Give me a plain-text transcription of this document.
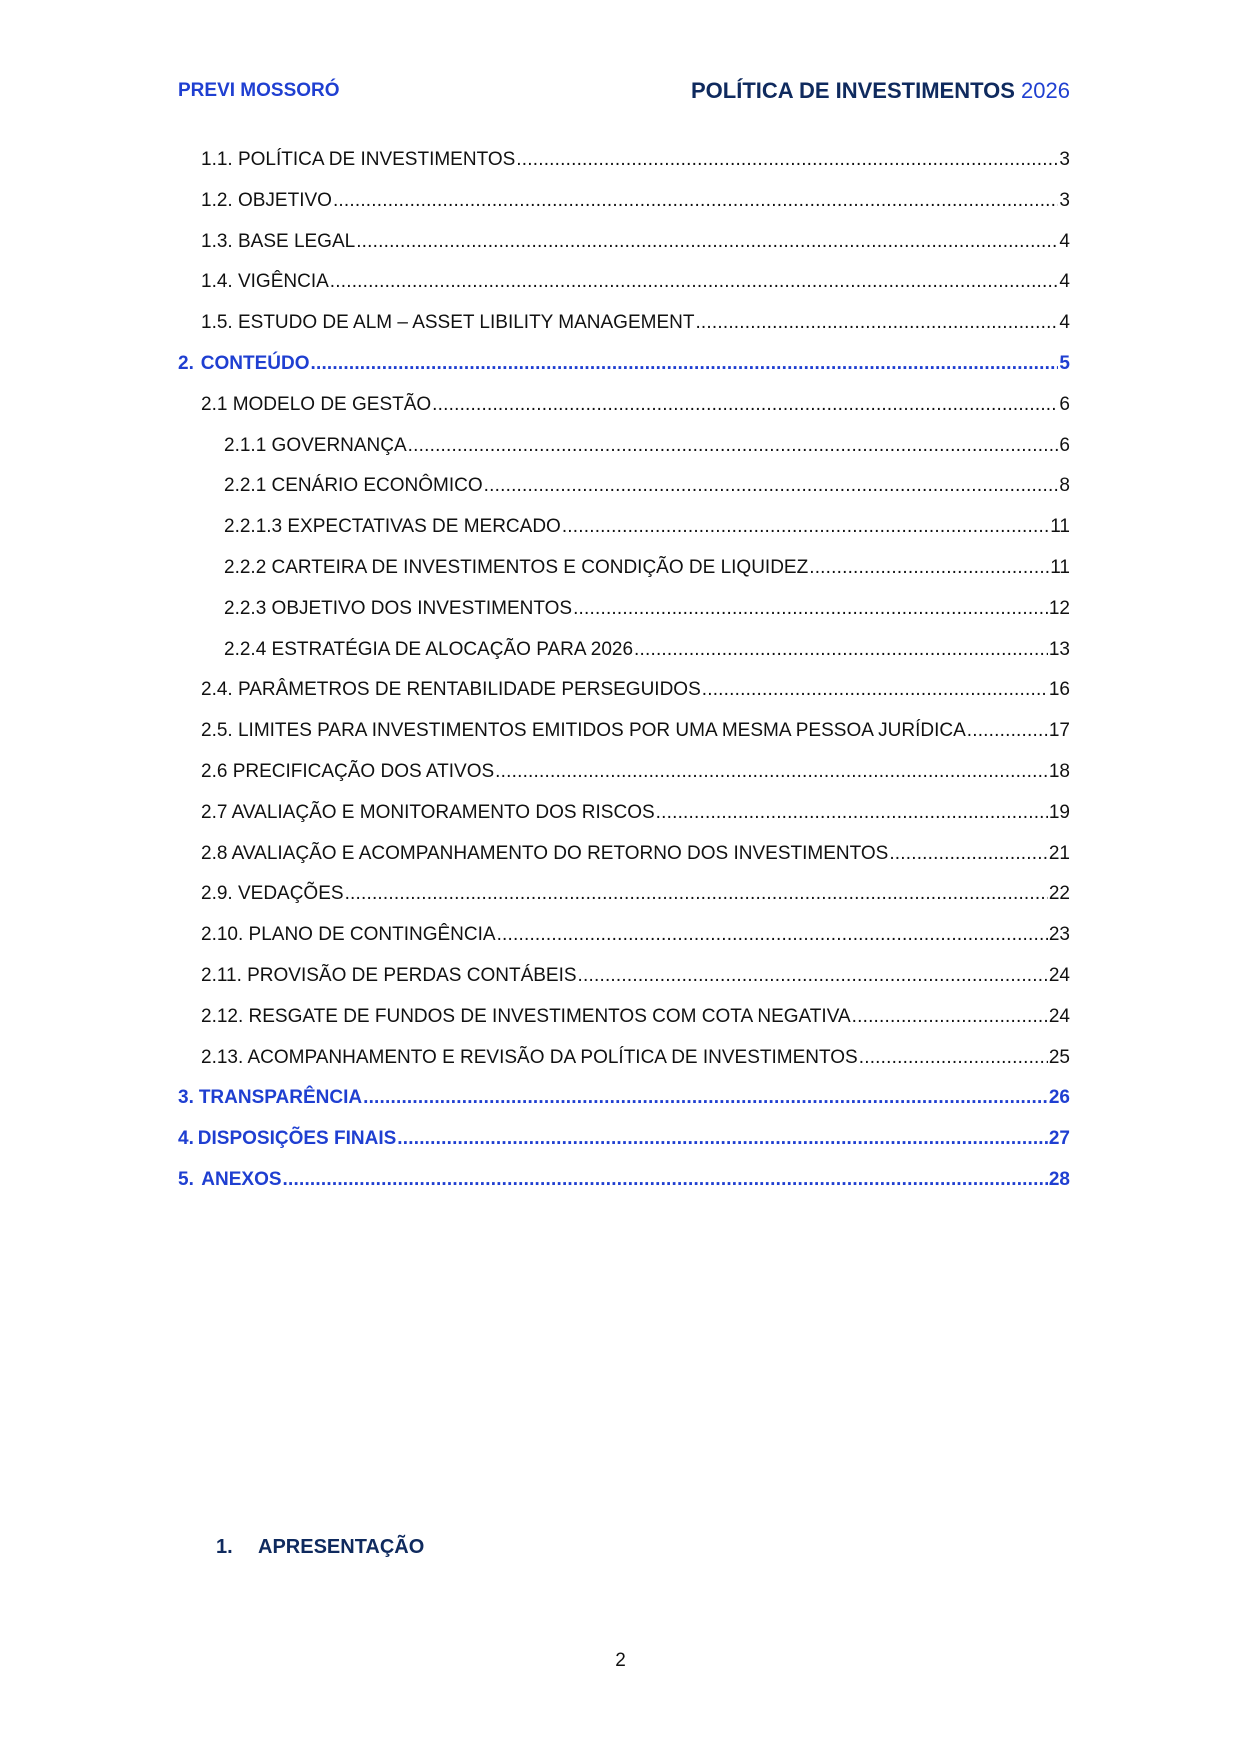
PREVI MOSSORÓ	POLÍTICA DE INVESTIMENTOS 2026
1.1. POLÍTICA DE INVESTIMENTOS .....	3
1.2. OBJETIVO .....	3
1.3. BASE LEGAL .....	4
1.4. VIGÊNCIA .....	4
1.5. ESTUDO DE ALM – ASSET LIBILITY MANAGEMENT .....	4
2. CONTEÚDO .....	5
2.1 MODELO DE GESTÃO .....	6
2.1.1 GOVERNANÇA .....	6
2.2.1 CENÁRIO ECONÔMICO .....	8
2.2.1.3 EXPECTATIVAS DE MERCADO .....	11
2.2.2 CARTEIRA DE INVESTIMENTOS E CONDIÇÃO DE LIQUIDEZ .....	11
2.2.3 OBJETIVO DOS INVESTIMENTOS .....	12
2.2.4 ESTRATÉGIA DE ALOCAÇÃO PARA 2026 .....	13
2.4. PARÂMETROS DE RENTABILIDADE PERSEGUIDOS .....	16
2.5. LIMITES PARA INVESTIMENTOS EMITIDOS POR UMA MESMA PESSOA JURÍDICA .....	17
2.6 PRECIFICAÇÃO DOS ATIVOS .....	18
2.7 AVALIAÇÃO E MONITORAMENTO DOS RISCOS .....	19
2.8 AVALIAÇÃO E ACOMPANHAMENTO DO RETORNO DOS INVESTIMENTOS .....	21
2.9. VEDAÇÕES .....	22
2.10. PLANO DE CONTINGÊNCIA .....	23
2.11. PROVISÃO DE PERDAS CONTÁBEIS .....	24
2.12. RESGATE DE FUNDOS DE INVESTIMENTOS COM COTA NEGATIVA .....	24
2.13. ACOMPANHAMENTO E REVISÃO DA POLÍTICA DE INVESTIMENTOS .....	25
3. TRANSPARÊNCIA .....	26
4. DISPOSIÇÕES FINAIS .....	27
5. ANEXOS .....	28
1. APRESENTAÇÃO
2
